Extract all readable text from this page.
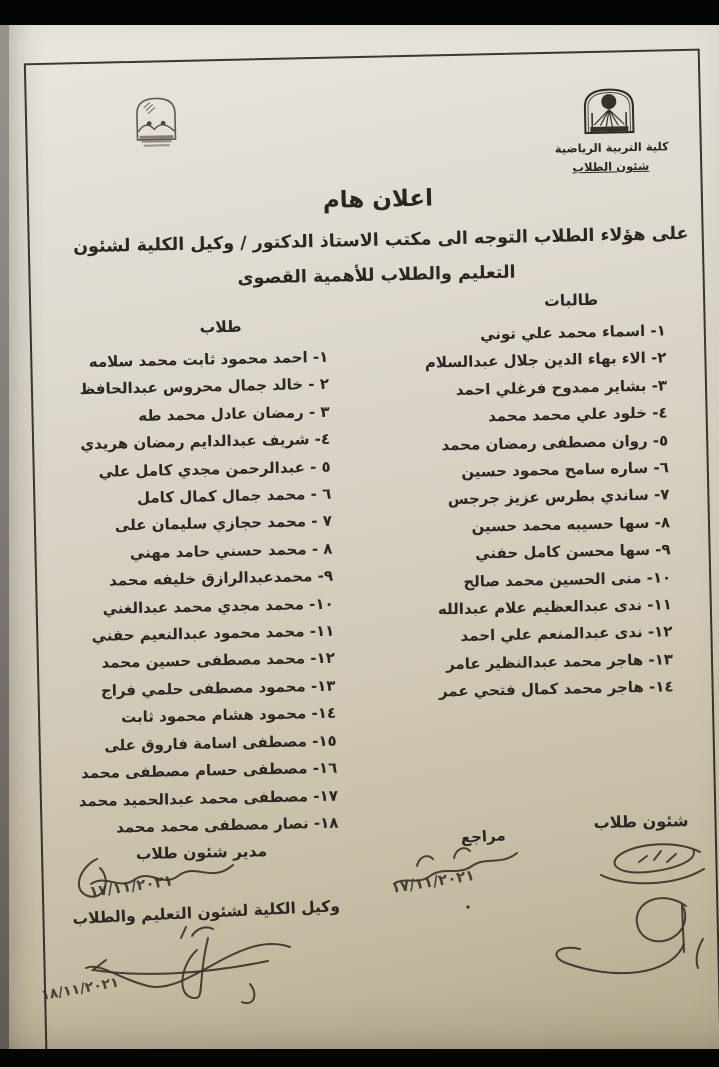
كلية التربية الرياضية
شئون الطلاب
اعلان هام
على هؤلاء الطلاب التوجه الى مكتب الاستاذ الدكتور / وكيل الكلية لشئون
التعليم والطلاب للأهمية القصوى
طالبات
١- اسماء محمد علي توني
٢- الاء بهاء الدين جلال عبدالسلام
٣- بشاير ممدوح فرغلي احمد
٤- خلود علي محمد محمد
٥- روان مصطفى رمضان محمد
٦- ساره سامح محمود حسين
٧- ساندي بطرس عزيز جرجس
٨- سها حسيبه محمد حسين
٩- سها محسن كامل حفني
١٠- منى الحسين محمد صالح
١١- ندى عبدالعظيم علام عبدالله
١٢- ندى عبدالمنعم علي احمد
١٣- هاجر محمد عبدالنظير عامر
١٤- هاجر محمد كمال فتحي عمر
طلاب
١- احمد محمود ثابت محمد سلامه
٢ - خالد جمال محروس عبدالحافظ
٣ - رمضان عادل محمد طه
٤- شريف عبدالدايم رمضان هريدي
٥ - عبدالرحمن مجدي كامل علي
٦ - محمد جمال كمال كامل
٧ - محمد حجازي سليمان على
٨ - محمد حسني حامد مهني
٩- محمدعبدالرازق خليفه محمد
١٠- محمد مجدي محمد عبدالغني
١١- محمد محمود عبدالنعيم حفني
١٢- محمد مصطفى حسين محمد
١٣- محمود مصطفى حلمي فراج
١٤- محمود هشام محمود ثابت
١٥- مصطفى اسامة فاروق على
١٦- مصطفى حسام مصطفى محمد
١٧- مصطفى محمد عبدالحميد محمد
١٨- نصار مصطفى محمد محمد	شئون طلاب
مراجع
مدير شئون طلاب
وكيل الكلية لشئون التعليم والطلاب
١٧/١١/٢٠٢١
١٧/١١/٢٠٢١
١٨/١١/٢٠٢١
